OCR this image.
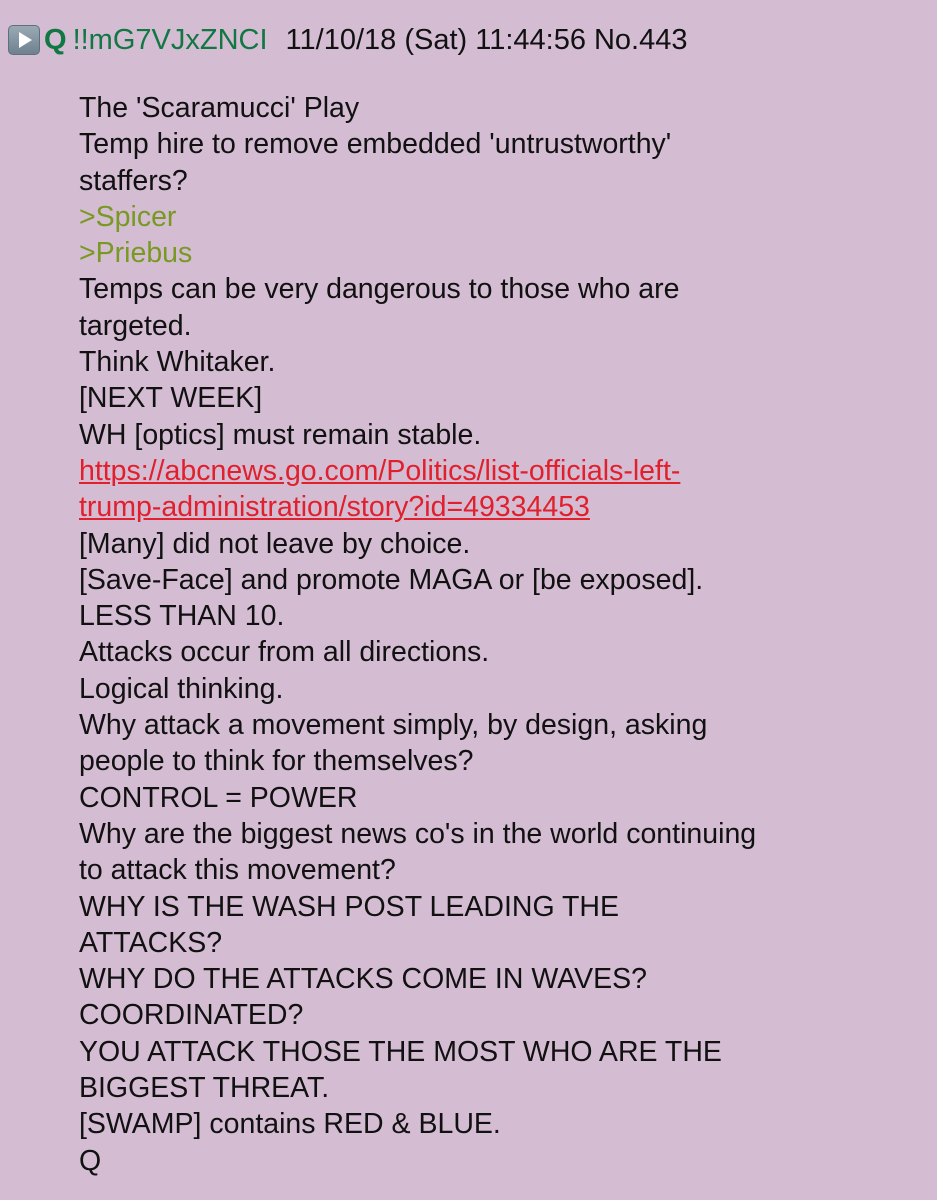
Q !!mG7VJxZNCI 11/10/18 (Sat) 11:44:56 No.443
The 'Scaramucci' Play
Temp hire to remove embedded 'untrustworthy'
staffers?
>Spicer
>Priebus
Temps can be very dangerous to those who are
targeted.
Think Whitaker.
[NEXT WEEK]
WH [optics] must remain stable.
https://abcnews.go.com/Politics/list-officials-left-
trump-administration/story?id=49334453
[Many] did not leave by choice.
[Save-Face] and promote MAGA or [be exposed].
LESS THAN 10.
Attacks occur from all directions.
Logical thinking.
Why attack a movement simply, by design, asking
people to think for themselves?
CONTROL = POWER
Why are the biggest news co's in the world continuing
to attack this movement?
WHY IS THE WASH POST LEADING THE
ATTACKS?
WHY DO THE ATTACKS COME IN WAVES?
COORDINATED?
YOU ATTACK THOSE THE MOST WHO ARE THE
BIGGEST THREAT.
[SWAMP] contains RED & BLUE.
Q
